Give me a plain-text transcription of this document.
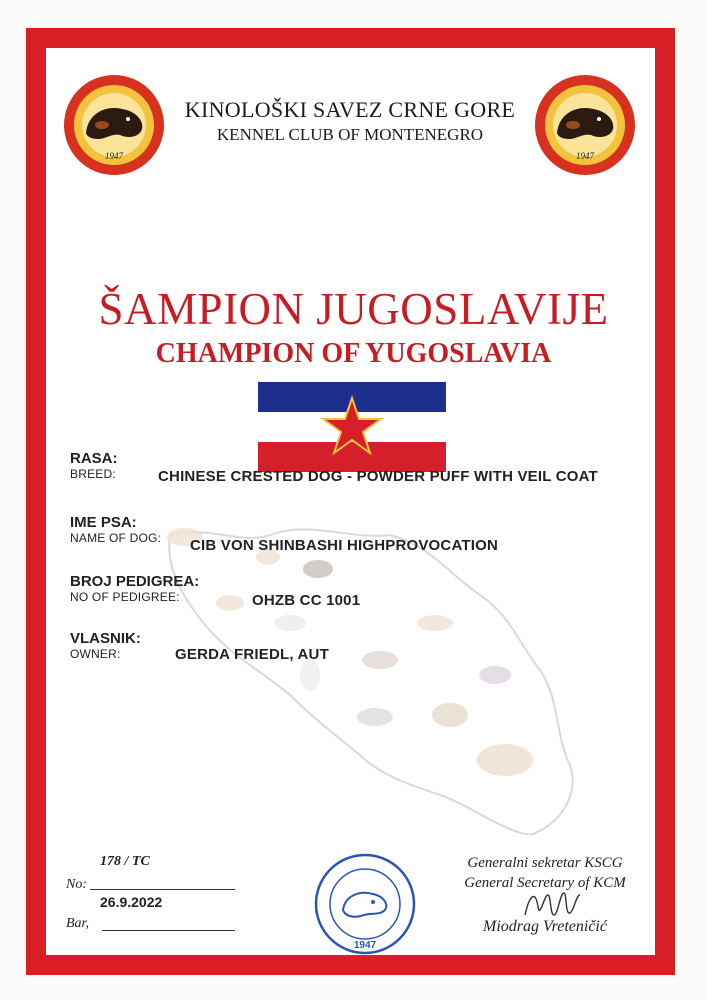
1947	1947
KINOLOŠKI SAVEZ CRNE GORE
KENNEL CLUB OF MONTENEGRO
ŠAMPION JUGOSLAVIJE
CHAMPION OF YUGOSLAVIA
RASA:
BREED:	CHINESE CRESTED DOG - POWDER PUFF WITH VEIL COAT
IME PSA:
NAME OF DOG: CIB VON SHINBASHI HIGHPROVOCATION
BROJ PEDIGREA:
NO OF PEDIGREE:	OHZB CC 1001
VLASNIK:
OWNER:	GERDA FRIEDL, AUT
178 / TC
No:
26.9.2022
Bar,
1947
Generalni sekretar KSCG
General Secretary of KCM
Miodrag Vreteničić
